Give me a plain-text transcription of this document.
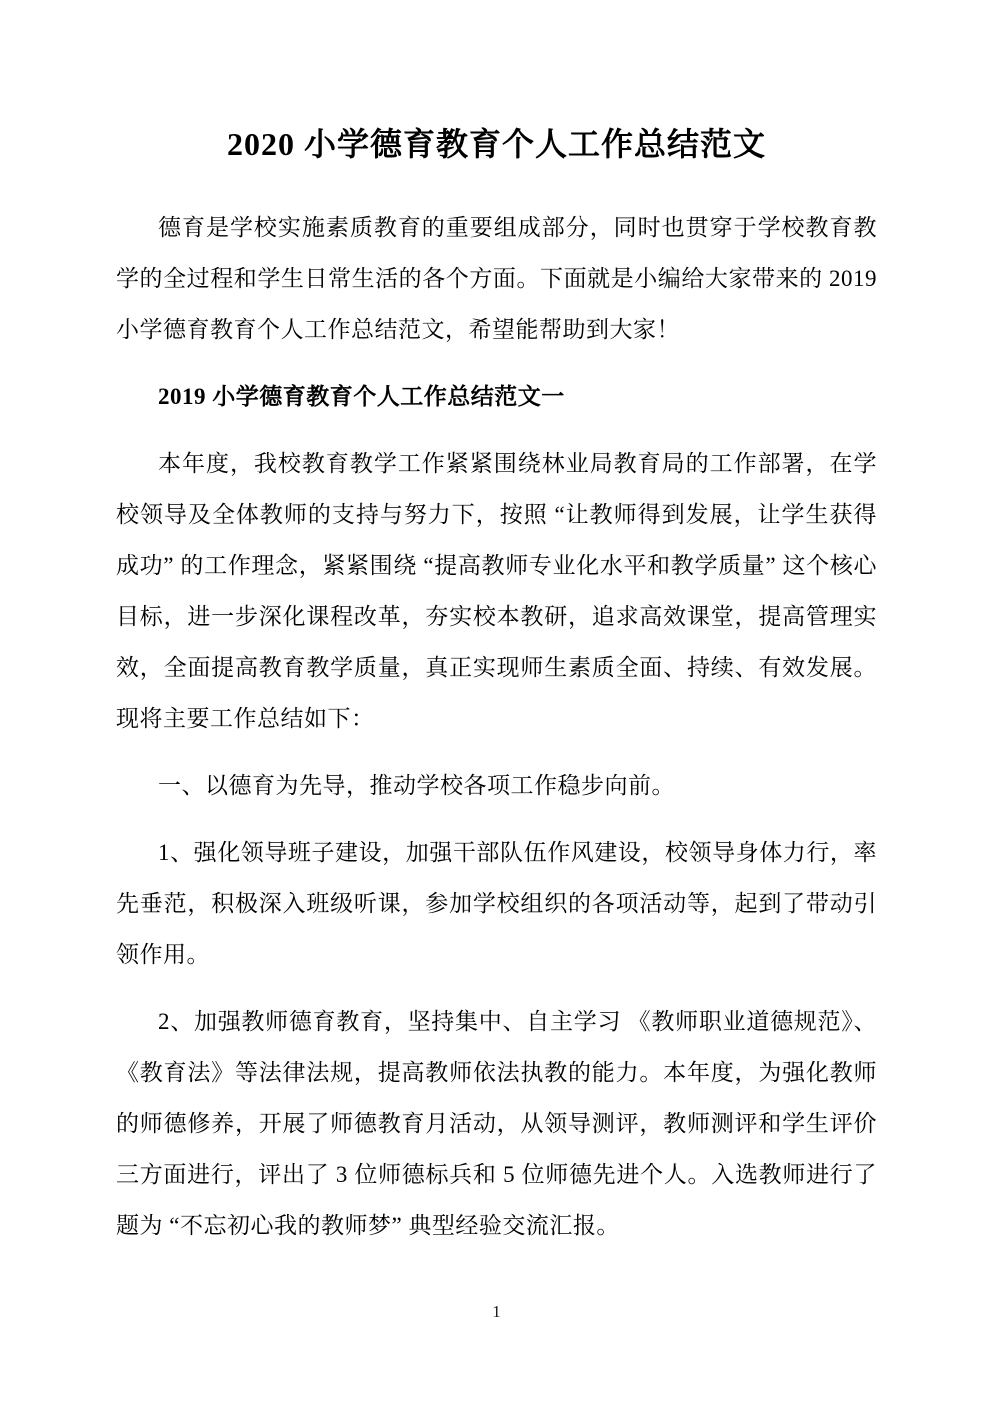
2020 小学德育教育个人工作总结范文

德育是学校实施素质教育的重要组成部分，同时也贯穿于学校教育教学的全过程和学生日常生活的各个方面。下面就是小编给大家带来的 2019 小学德育教育个人工作总结范文，希望能帮助到大家！

2019 小学德育教育个人工作总结范文一

本年度，我校教育教学工作紧紧围绕林业局教育局的工作部署，在学校领导及全体教师的支持与努力下，按照 “让教师得到发展，让学生获得成功” 的工作理念，紧紧围绕 “提高教师专业化水平和教学质量” 这个核心目标，进一步深化课程改革，夯实校本教研，追求高效课堂，提高管理实效，全面提高教育教学质量，真正实现师生素质全面、持续、有效发展。现将主要工作总结如下：

一、以德育为先导，推动学校各项工作稳步向前。

1、强化领导班子建设，加强干部队伍作风建设，校领导身体力行，率先垂范，积极深入班级听课，参加学校组织的各项活动等，起到了带动引领作用。

2、加强教师德育教育，坚持集中、自主学习 《教师职业道德规范》、《教育法》等法律法规，提高教师依法执教的能力。本年度，为强化教师的师德修养，开展了师德教育月活动，从领导测评，教师测评和学生评价三方面进行，评出了 3 位师德标兵和 5 位师德先进个人。入选教师进行了题为 “不忘初心我的教师梦” 典型经验交流汇报。

1
